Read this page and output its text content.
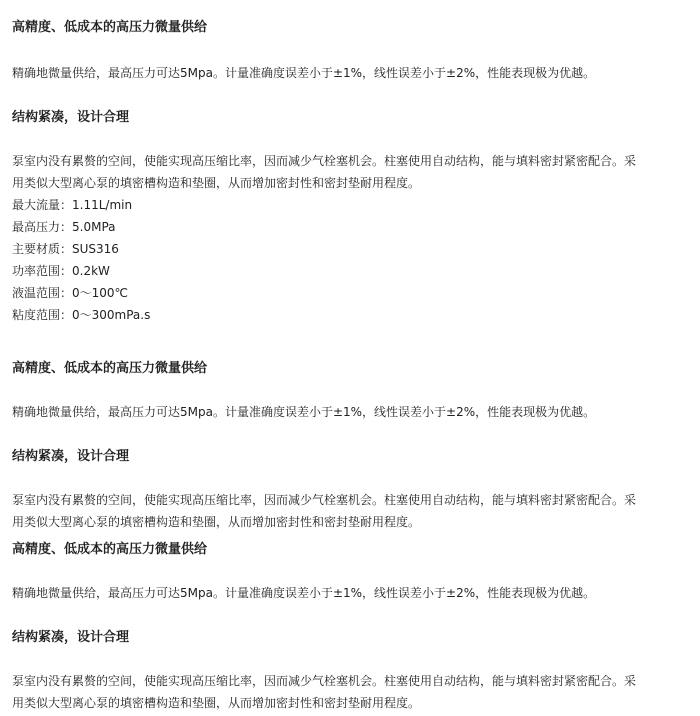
高精度、低成本的高压力微量供给
精确地微量供给，最高压力可达5Mpa。计量准确度误差小于±1%，线性误差小于±2%，性能表现极为优越。
结构紧凑，设计合理
泵室内没有累赘的空间，使能实现高压缩比率，因而减少气栓塞机会。柱塞使用自动结构，能与填料密封紧密配合。采
用类似大型离心泵的填密槽构造和垫圈，从而增加密封性和密封垫耐用程度。
最大流量：1.11L/min
最高压力：5.0MPa
主要材质：SUS316
功率范围：0.2kW
液温范围：0～100℃
粘度范围：0～300mPa.s
高精度、低成本的高压力微量供给
精确地微量供给，最高压力可达5Mpa。计量准确度误差小于±1%，线性误差小于±2%，性能表现极为优越。
结构紧凑，设计合理
泵室内没有累赘的空间，使能实现高压缩比率，因而减少气栓塞机会。柱塞使用自动结构，能与填料密封紧密配合。采
用类似大型离心泵的填密槽构造和垫圈，从而增加密封性和密封垫耐用程度。
高精度、低成本的高压力微量供给
精确地微量供给，最高压力可达5Mpa。计量准确度误差小于±1%，线性误差小于±2%，性能表现极为优越。
结构紧凑，设计合理
泵室内没有累赘的空间，使能实现高压缩比率，因而减少气栓塞机会。柱塞使用自动结构，能与填料密封紧密配合。采
用类似大型离心泵的填密槽构造和垫圈，从而增加密封性和密封垫耐用程度。
